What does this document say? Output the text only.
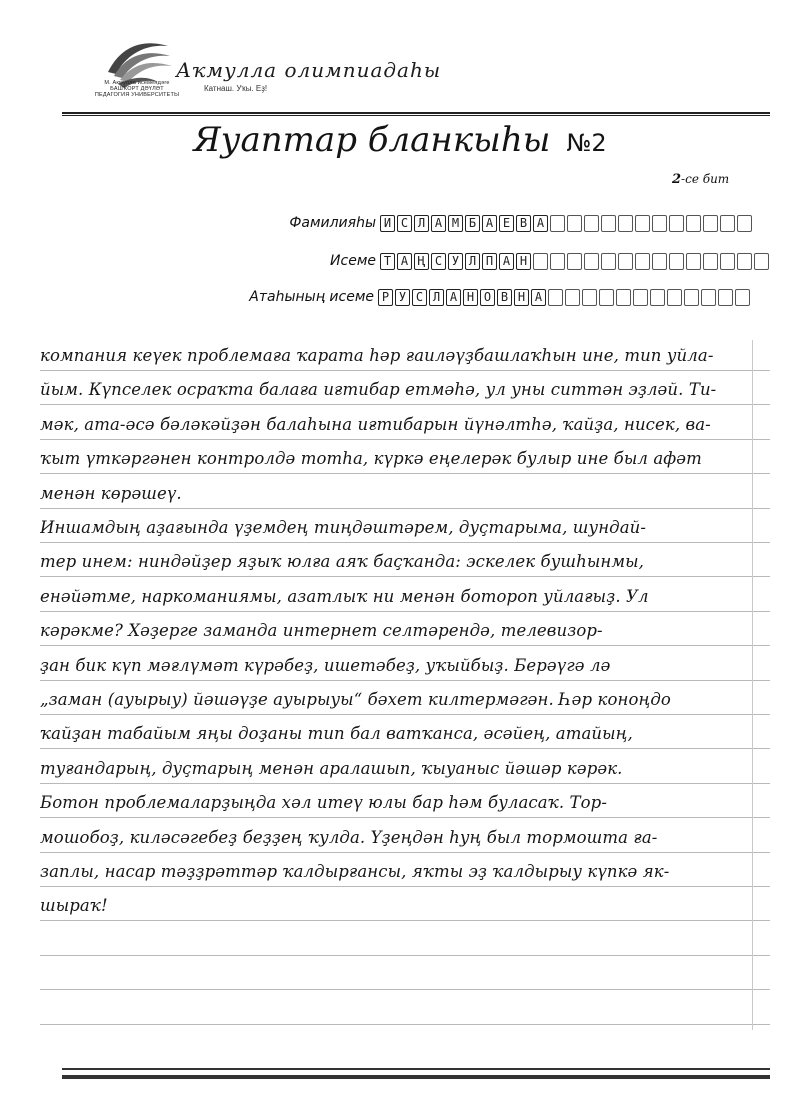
М. Акмулла исемендәге
БАШҠОРТ ДӘҮЛӘТ
ПЕДАГОГИЯ УНИВЕРСИТЕТЫ
Аҡмулла олимпиадаһы
Катнаш. Уҡы. Еҙ!
Яуаптар бланкыһы №2
2-се бит
Фамилияһы И С Л А М Б А Е В А
Исеме Т А Ң С У Л П А Н
Атаһының исеме Р У С Л А Н О В Н А
компания кеүек проблемаға ҡарата һәр ғаиләүҙбашлаҡһын ине, тип уйла-
йым. Күпселек осраҡта балаға иғтибар етмәһә, ул уны ситтән эҙләй. Ти-
мәк, ата-әсә бәләкәйҙән балаһына иғтибарын йүнәлтһә, ҡайҙа, нисек, ва-
ҡыт үткәргәнен контролдә тотһа, күркә еңелерәк булыр ине был афәт
менән көрәшеү.
Иншамдың аҙағында үҙемдең тиңдәштәрем, дуҫтарыма, шундай-
тер инем: ниндәйҙер яҙыҡ юлға аяҡ баҫҡанда: эскелек бушһынмы,
енәйәтме, наркоманиямы, азатлыҡ ни менән ботороп уйлағыҙ. Ул
кәрәкме? Хәҙерге заманда интернет селтәрендә, телевизор-
ҙан бик күп мәғлүмәт күрәбеҙ, ишетәбеҙ, уҡыйбыҙ. Берәүгә лә
„заман (ауырыу) йәшәүҙе ауырыуы“ бәхет килтермәгән. Һәр коноңдо
ҡайҙан табайым яңы доҙаны тип бал ватҡанса, әсәйең, атайың,
туғандарың, дуҫтарың менән аралашып, ҡыуаныс йәшәр кәрәк.
Ботон проблемаларҙыңда хәл итеү юлы бар һәм буласаҡ. Тор-
мошобоҙ, киләсәгебеҙ беҙҙең ҡулда. Үҙеңдән һуң был тормошта ға-
заплы, насар тәҙҙрәттәр ҡалдырғансы, яҡты эҙ ҡалдырыу күпкә як-
шыраҡ!
